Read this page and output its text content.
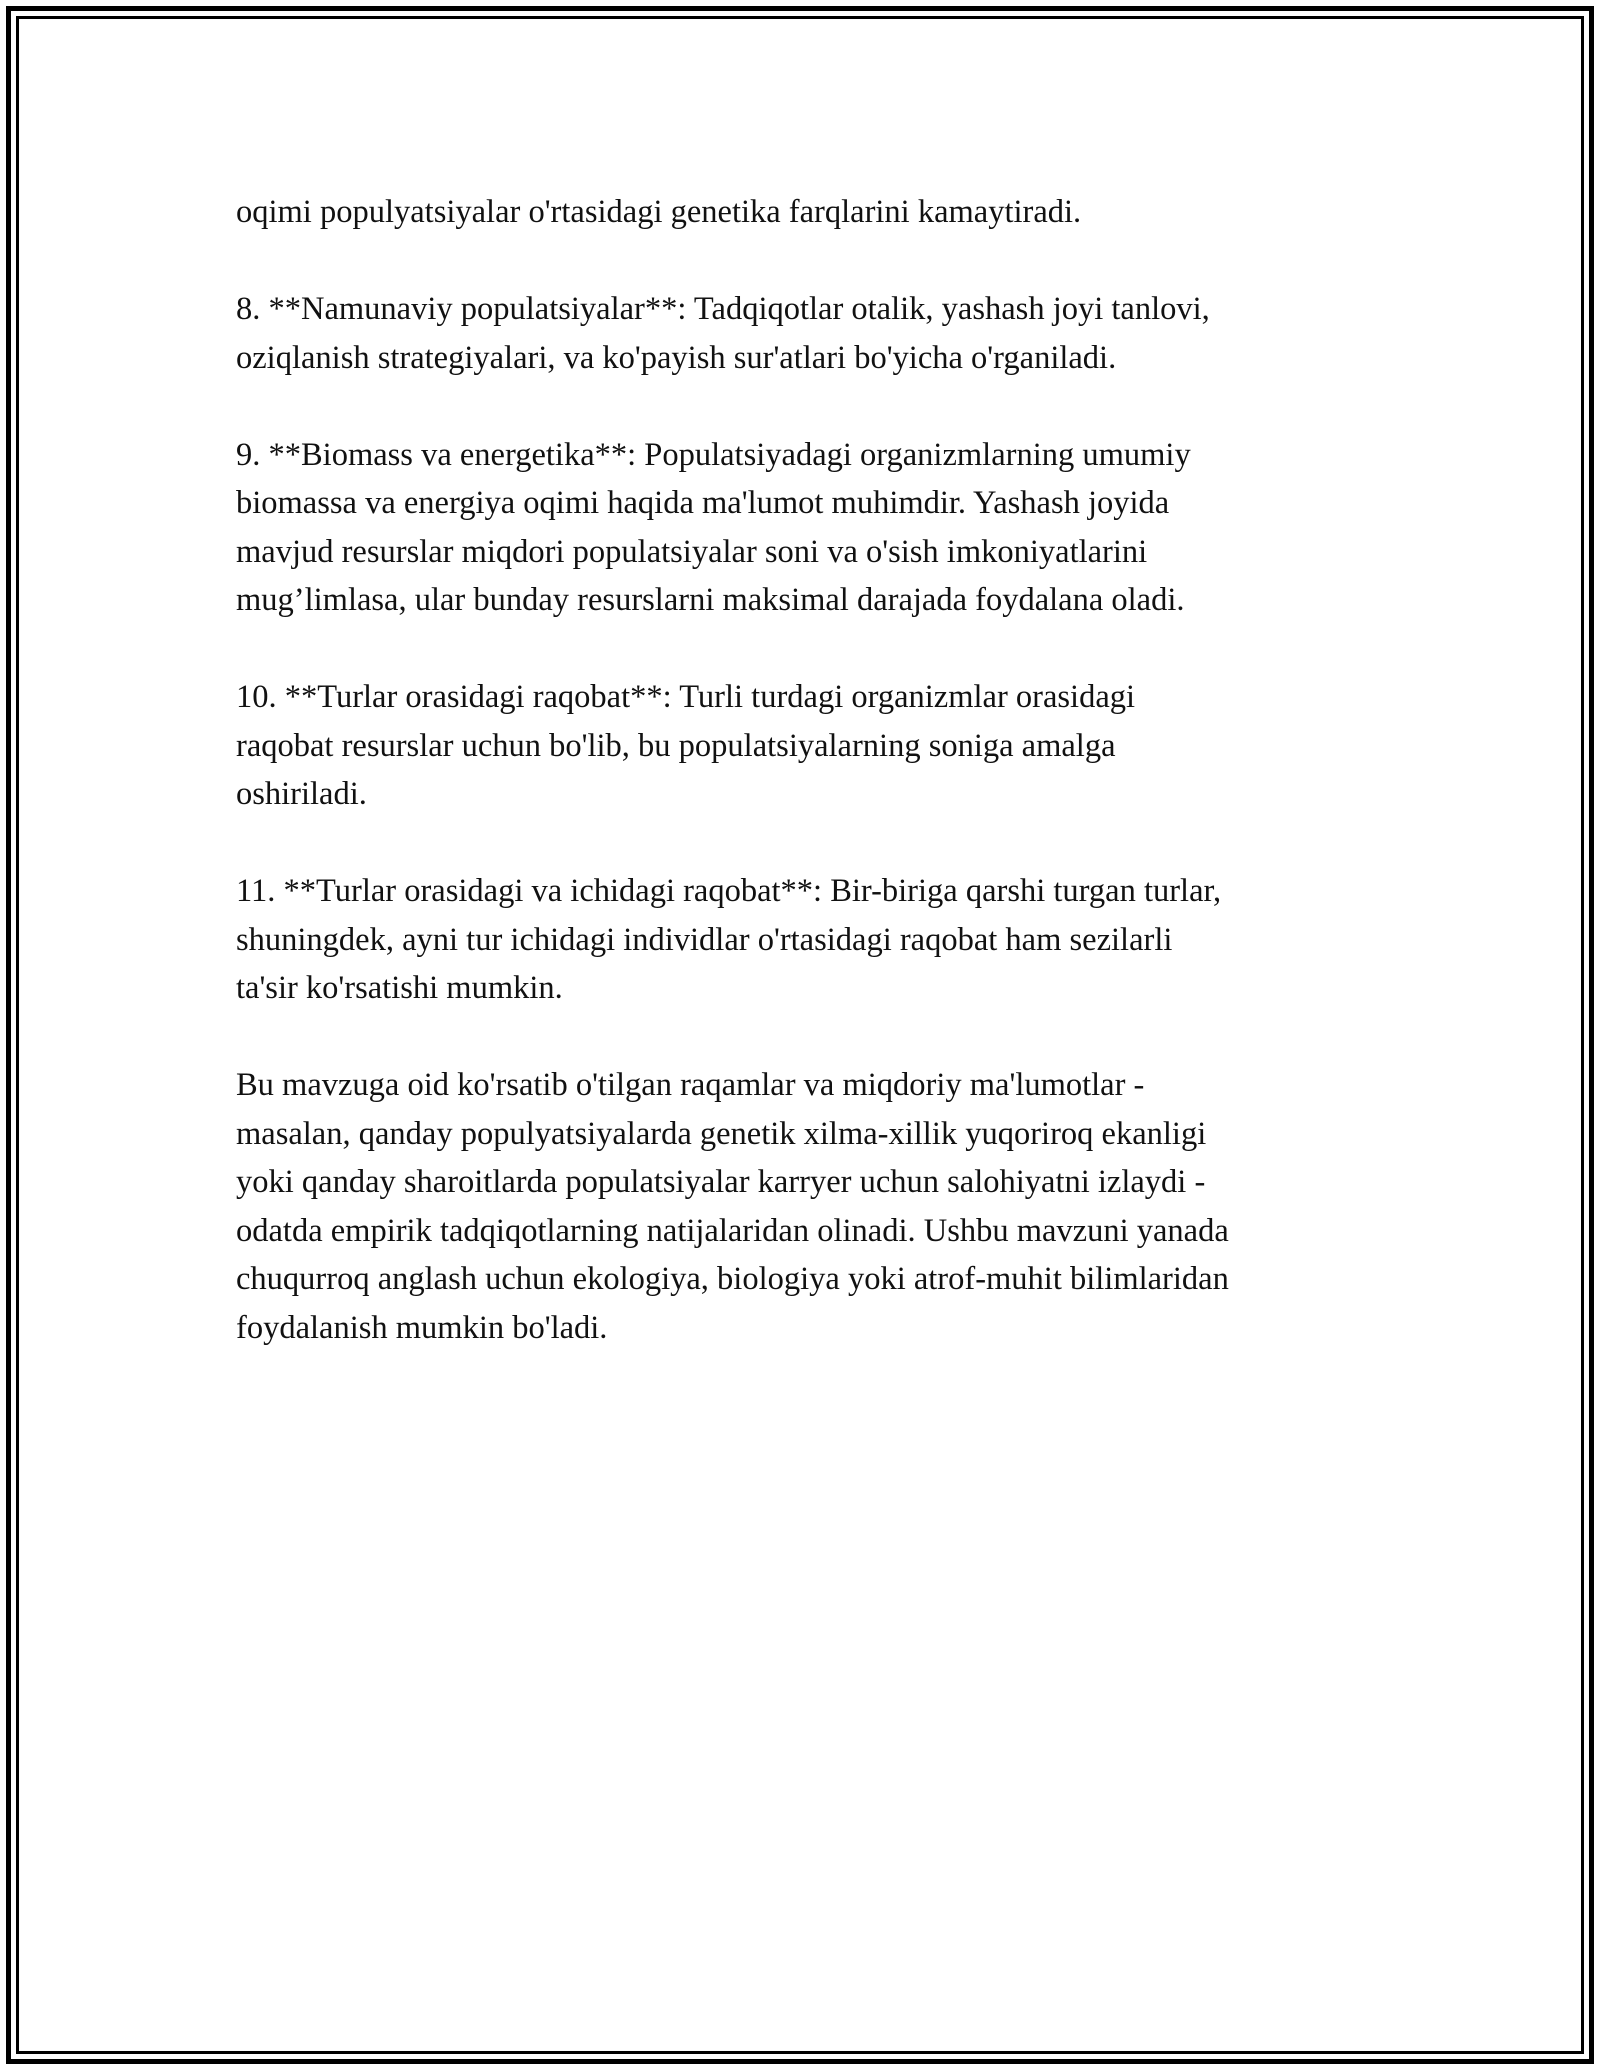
oqimi populyatsiyalar o'rtasidagi genetika farqlarini kamaytiradi.

8. **Namunaviy populatsiyalar**: Tadqiqotlar otalik, yashash joyi tanlovi,
oziqlanish strategiyalari, va ko'payish sur'atlari bo'yicha o'rganiladi.

9. **Biomass va energetika**: Populatsiyadagi organizmlarning umumiy
biomassa va energiya oqimi haqida ma'lumot muhimdir. Yashash joyida
mavjud resurslar miqdori populatsiyalar soni va o'sish imkoniyatlarini
mug’limlasa, ular bunday resurslarni maksimal darajada foydalana oladi.

10. **Turlar orasidagi raqobat**: Turli turdagi organizmlar orasidagi
raqobat resurslar uchun bo'lib, bu populatsiyalarning soniga amalga
oshiriladi.

11. **Turlar orasidagi va ichidagi raqobat**: Bir-biriga qarshi turgan turlar,
shuningdek, ayni tur ichidagi individlar o'rtasidagi raqobat ham sezilarli
ta'sir ko'rsatishi mumkin.

Bu mavzuga oid ko'rsatib o'tilgan raqamlar va miqdoriy ma'lumotlar -
masalan, qanday populyatsiyalarda genetik xilma-xillik yuqoriroq ekanligi
yoki qanday sharoitlarda populatsiyalar karryer uchun salohiyatni izlaydi -
odatda empirik tadqiqotlarning natijalaridan olinadi. Ushbu mavzuni yanada
chuqurroq anglash uchun ekologiya, biologiya yoki atrof-muhit bilimlaridan
foydalanish mumkin bo'ladi.
